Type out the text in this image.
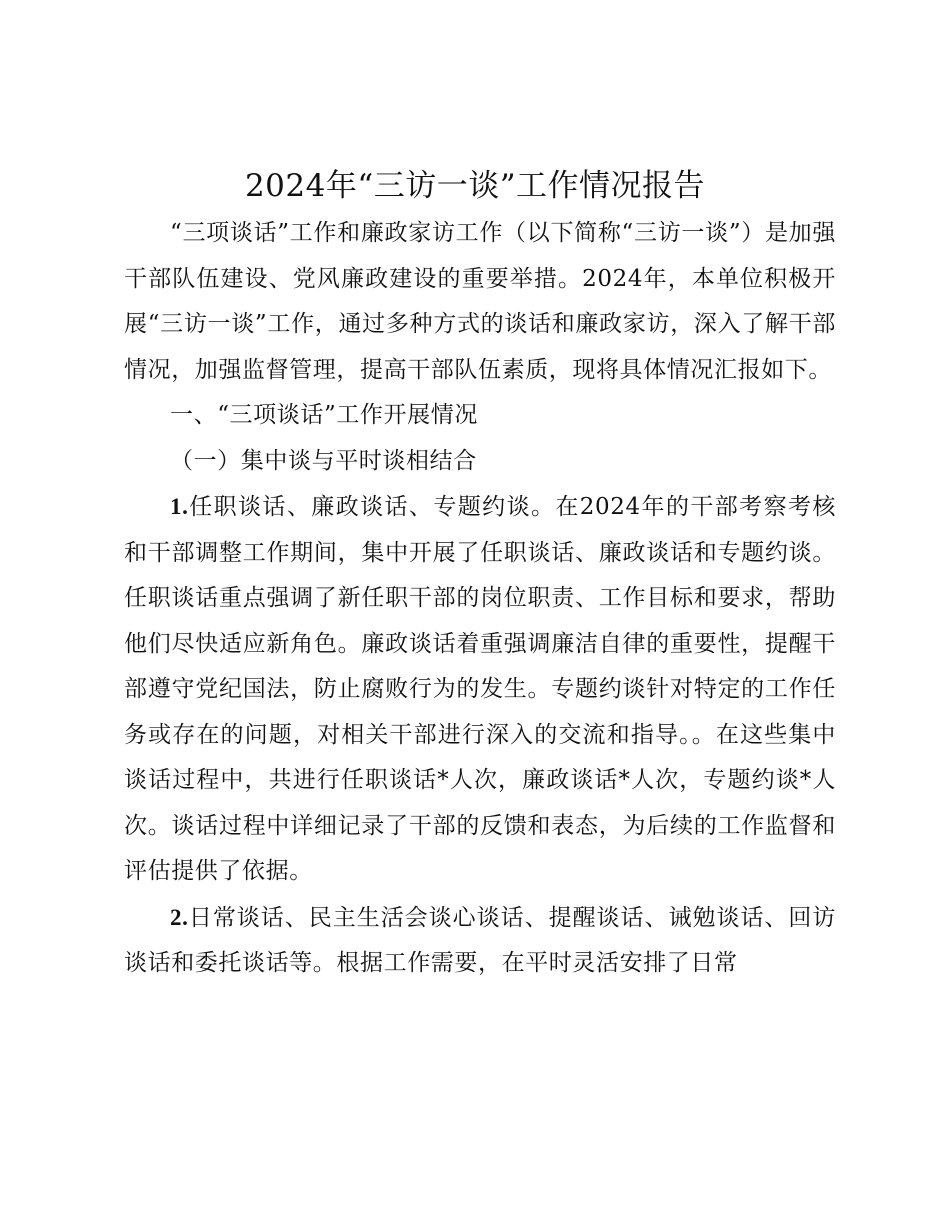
2024年“三访一谈”工作情况报告

“三项谈话”工作和廉政家访工作（以下简称“三访一谈”）是加强干部队伍建设、党风廉政建设的重要举措。2024年，本单位积极开展“三访一谈”工作，通过多种方式的谈话和廉政家访，深入了解干部情况，加强监督管理，提高干部队伍素质，现将具体情况汇报如下。

一、“三项谈话”工作开展情况

（一）集中谈与平时谈相结合

1.任职谈话、廉政谈话、专题约谈。在2024年的干部考察考核和干部调整工作期间，集中开展了任职谈话、廉政谈话和专题约谈。任职谈话重点强调了新任职干部的岗位职责、工作目标和要求，帮助他们尽快适应新角色。廉政谈话着重强调廉洁自律的重要性，提醒干部遵守党纪国法，防止腐败行为的发生。专题约谈针对特定的工作任务或存在的问题，对相关干部进行深入的交流和指导。。在这些集中谈话过程中，共进行任职谈话*人次，廉政谈话*人次，专题约谈*人次。谈话过程中详细记录了干部的反馈和表态，为后续的工作监督和评估提供了依据。

2.日常谈话、民主生活会谈心谈话、提醒谈话、诫勉谈话、回访谈话和委托谈话等。根据工作需要，在平时灵活安排了日常
